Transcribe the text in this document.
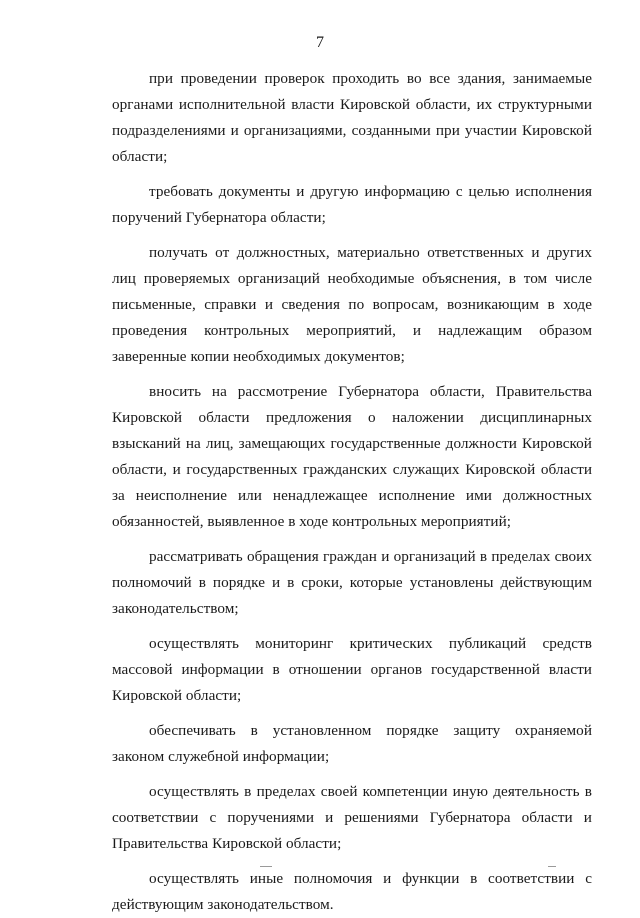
7

при проведении проверок проходить во все здания, занимаемые органами исполнительной власти Кировской области, их структурными подразделениями и организациями, созданными при участии Кировской области;

требовать документы и другую информацию с целью исполнения поручений Губернатора области;

получать от должностных, материально ответственных и других лиц проверяемых организаций необходимые объяснения, в том числе письменные, справки и сведения по вопросам, возникающим в ходе проведения контрольных мероприятий, и надлежащим образом заверенные копии необходимых документов;

вносить на рассмотрение Губернатора области, Правительства Кировской области предложения о наложении дисциплинарных взысканий на лиц, замещающих государственные должности Кировской области, и государственных гражданских служащих Кировской области за неисполнение или ненадлежащее исполнение ими должностных обязанностей, выявленное в ходе контрольных мероприятий;

рассматривать обращения граждан и организаций в пределах своих полномочий в порядке и в сроки, которые установлены действующим законодательством;

осуществлять мониторинг критических публикаций средств массовой информации в отношении органов государственной власти Кировской области;

обеспечивать в установленном порядке защиту охраняемой законом служебной информации;

осуществлять в пределах своей компетенции иную деятельность в соответствии с поручениями и решениями Губернатора области и Правительства Кировской области;

осуществлять иные полномочия и функции в соответствии с действующим законодательством.
